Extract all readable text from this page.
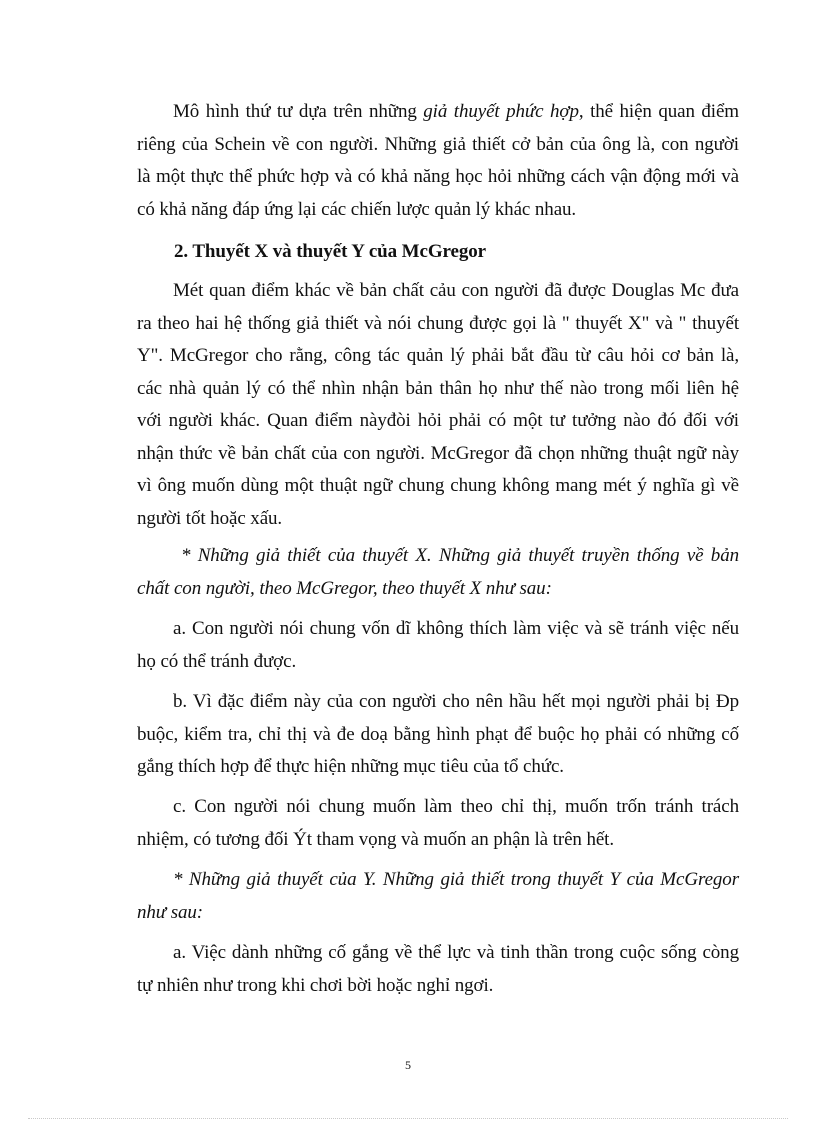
Mô hình thứ tư dựa trên những giả thuyết phức hợp, thể hiện quan điểm
riêng của Schein về con người. Những giả thiết cở bản của ông là, con người
là một thực thể phức hợp và có khả năng học hỏi những cách vận động mới và
có khả năng đáp ứng lại các chiến lược quản lý khác nhau.

2. Thuyết X và thuyết Y của McGregor

Mét quan điểm khác về bản chất cảu con người đã được Douglas Mc đưa
ra theo hai hệ thống giả thiết và nói chung được gọi là " thuyết X" và " thuyết
Y". McGregor cho rằng, công tác quản lý phải bắt đầu từ câu hỏi cơ bản là,
các nhà quản lý có thể nhìn nhận bản thân họ như thế nào trong mối liên hệ
với người khác. Quan điểm nàyđòi hỏi phải có một tư tưởng nào đó đối với
nhận thức về bản chất của con người. McGregor đã chọn những thuật ngữ này
vì ông muốn dùng một thuật ngữ chung chung không mang mét ý nghĩa gì về
người tốt hoặc xấu.

* Những giả thiết của thuyết X. Những giả thuyết truyền thống về bản
chất con người, theo McGregor, theo thuyết X như sau:

a. Con người nói chung vốn dĩ không thích làm việc và sẽ tránh việc nếu
họ có thể tránh được.

b. Vì đặc điểm này của con người cho nên hầu hết mọi người phải bị Đp
buộc, kiểm tra, chỉ thị và đe doạ bằng hình phạt để buộc họ phải có những cố
gắng thích hợp để thực hiện những mục tiêu của tổ chức.

c. Con người nói chung muốn làm theo chỉ thị, muốn trốn tránh trách
nhiệm, có tương đối Ýt tham vọng và muốn an phận là trên hết.

* Những giả thuyết của Y. Những giả thiết trong thuyết Y của McGregor
như sau:

a. Việc dành những cố gắng về thể lực và tinh thần trong cuộc sống còng
tự nhiên như trong khi chơi bời hoặc nghỉ ngơi.

5
